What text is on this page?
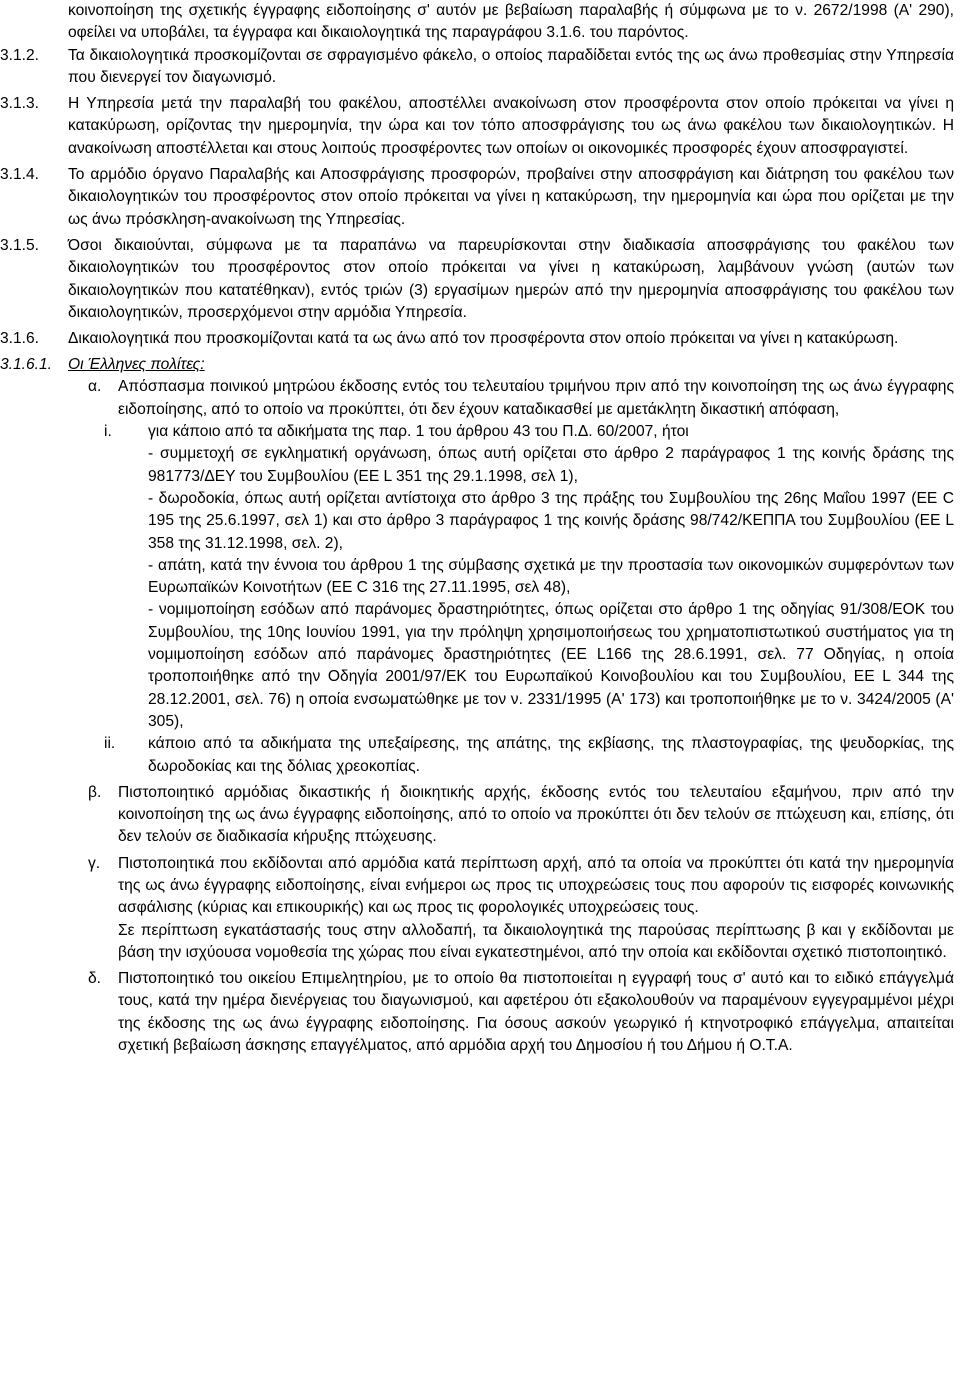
κοινοποίηση της σχετικής έγγραφης ειδοποίησης σ' αυτόν με βεβαίωση παραλαβής ή σύμφωνα με το ν. 2672/1998 (Α' 290), οφείλει να υποβάλει, τα έγγραφα και δικαιολογητικά της παραγράφου 3.1.6. του παρόντος.
3.1.2. Τα δικαιολογητικά προσκομίζονται σε σφραγισμένο φάκελο, ο οποίος παραδίδεται εντός της ως άνω προθεσμίας στην Υπηρεσία που διενεργεί τον διαγωνισμό.
3.1.3. Η Υπηρεσία μετά την παραλαβή του φακέλου, αποστέλλει ανακοίνωση στον προσφέροντα στον οποίο πρόκειται να γίνει η κατακύρωση, ορίζοντας την ημερομηνία, την ώρα και τον τόπο αποσφράγισης του ως άνω φακέλου των δικαιολογητικών. Η ανακοίνωση αποστέλλεται και στους λοιπούς προσφέροντες των οποίων οι οικονομικές προσφορές έχουν αποσφραγιστεί.
3.1.4. Το αρμόδιο όργανο Παραλαβής και Αποσφράγισης προσφορών, προβαίνει στην αποσφράγιση και διάτρηση του φακέλου των δικαιολογητικών του προσφέροντος στον οποίο πρόκειται να γίνει η κατακύρωση, την ημερομηνία και ώρα που ορίζεται με την ως άνω πρόσκληση-ανακοίνωση της Υπηρεσίας.
3.1.5. Όσοι δικαιούνται, σύμφωνα με τα παραπάνω να παρευρίσκονται στην διαδικασία αποσφράγισης του φακέλου των δικαιολογητικών του προσφέροντος στον οποίο πρόκειται να γίνει η κατακύρωση, λαμβάνουν γνώση (αυτών των δικαιολογητικών που κατατέθηκαν), εντός τριών (3) εργασίμων ημερών από την ημερομηνία αποσφράγισης του φακέλου των δικαιολογητικών, προσερχόμενοι στην αρμόδια Υπηρεσία.
3.1.6. Δικαιολογητικά που προσκομίζονται κατά τα ως άνω από τον προσφέροντα στον οποίο πρόκειται να γίνει η κατακύρωση.
3.1.6.1. Οι Έλληνες πολίτες:
α. Απόσπασμα ποινικού μητρώου έκδοσης εντός του τελευταίου τριμήνου πριν από την κοινοποίηση της ως άνω έγγραφης ειδοποίησης, από το οποίο να προκύπτει, ότι δεν έχουν καταδικασθεί με αμετάκλητη δικαστική απόφαση,
i. για κάποιο από τα αδικήματα της παρ. 1 του άρθρου 43 του Π.Δ. 60/2007, ήτοι
- συμμετοχή σε εγκληματική οργάνωση, όπως αυτή ορίζεται στο άρθρο 2 παράγραφος 1 της κοινής δράσης της 981773/ΔΕΥ του Συμβουλίου (ΕΕ L 351 της 29.1.1998, σελ 1),
- δωροδοκία, όπως αυτή ορίζεται αντίστοιχα στο άρθρο 3 της πράξης του Συμβουλίου της 26ης Μαΐου 1997 (ΕΕ C 195 της 25.6.1997, σελ 1) και στο άρθρο 3 παράγραφος 1 της κοινής δράσης 98/742/ΚΕΠΠΑ του Συμβουλίου (ΕΕ L 358 της 31.12.1998, σελ. 2),
- απάτη, κατά την έννοια του άρθρου 1 της σύμβασης σχετικά με την προστασία των οικονομικών συμφερόντων των Ευρωπαϊκών Κοινοτήτων (ΕΕ C 316 της 27.11.1995, σελ 48),
- νομιμοποίηση εσόδων από παράνομες δραστηριότητες, όπως ορίζεται στο άρθρο 1 της οδηγίας 91/308/ΕΟΚ του Συμβουλίου, της 10ης Ιουνίου 1991, για την πρόληψη χρησιμοποιήσεως του χρηματοπιστωτικού συστήματος για τη νομιμοποίηση εσόδων από παράνομες δραστηριότητες (ΕΕ L166 της 28.6.1991, σελ. 77 Οδηγίας, η οποία τροποποιήθηκε από την Οδηγία 2001/97/ΕΚ του Ευρωπαϊκού Κοινοβουλίου και του Συμβουλίου, ΕΕ L 344 της 28.12.2001, σελ. 76) η οποία ενσωματώθηκε με τον ν. 2331/1995 (Α' 173) και τροποποιήθηκε με το ν. 3424/2005 (Α' 305),
ii. κάποιο από τα αδικήματα της υπεξαίρεσης, της απάτης, της εκβίασης, της πλαστογραφίας, της ψευδορκίας, της δωροδοκίας και της δόλιας χρεοκοπίας.
β. Πιστοποιητικό αρμόδιας δικαστικής ή διοικητικής αρχής, έκδοσης εντός του τελευταίου εξαμήνου, πριν από την κοινοποίηση της ως άνω έγγραφης ειδοποίησης, από το οποίο να προκύπτει ότι δεν τελούν σε πτώχευση και, επίσης, ότι δεν τελούν σε διαδικασία κήρυξης πτώχευσης.
γ. Πιστοποιητικά που εκδίδονται από αρμόδια κατά περίπτωση αρχή, από τα οποία να προκύπτει ότι κατά την ημερομηνία της ως άνω έγγραφης ειδοποίησης, είναι ενήμεροι ως προς τις υποχρεώσεις τους που αφορούν τις εισφορές κοινωνικής ασφάλισης (κύριας και επικουρικής) και ως προς τις φορολογικές υποχρεώσεις τους.
Σε περίπτωση εγκατάστασής τους στην αλλοδαπή, τα δικαιολογητικά της παρούσας περίπτωσης β και γ εκδίδονται με βάση την ισχύουσα νομοθεσία της χώρας που είναι εγκατεστημένοι, από την οποία και εκδίδονται σχετικό πιστοποιητικό.
δ. Πιστοποιητικό του οικείου Επιμελητηρίου, με το οποίο θα πιστοποιείται η εγγραφή τους σ' αυτό και το ειδικό επάγγελμά τους, κατά την ημέρα διενέργειας του διαγωνισμού, και αφετέρου ότι εξακολουθούν να παραμένουν εγγεγραμμένοι μέχρι της έκδοσης της ως άνω έγγραφης ειδοποίησης. Για όσους ασκούν γεωργικό ή κτηνοτροφικό επάγγελμα, απαιτείται σχετική βεβαίωση άσκησης επαγγέλματος, από αρμόδια αρχή του Δημοσίου ή του Δήμου ή Ο.Τ.Α.
